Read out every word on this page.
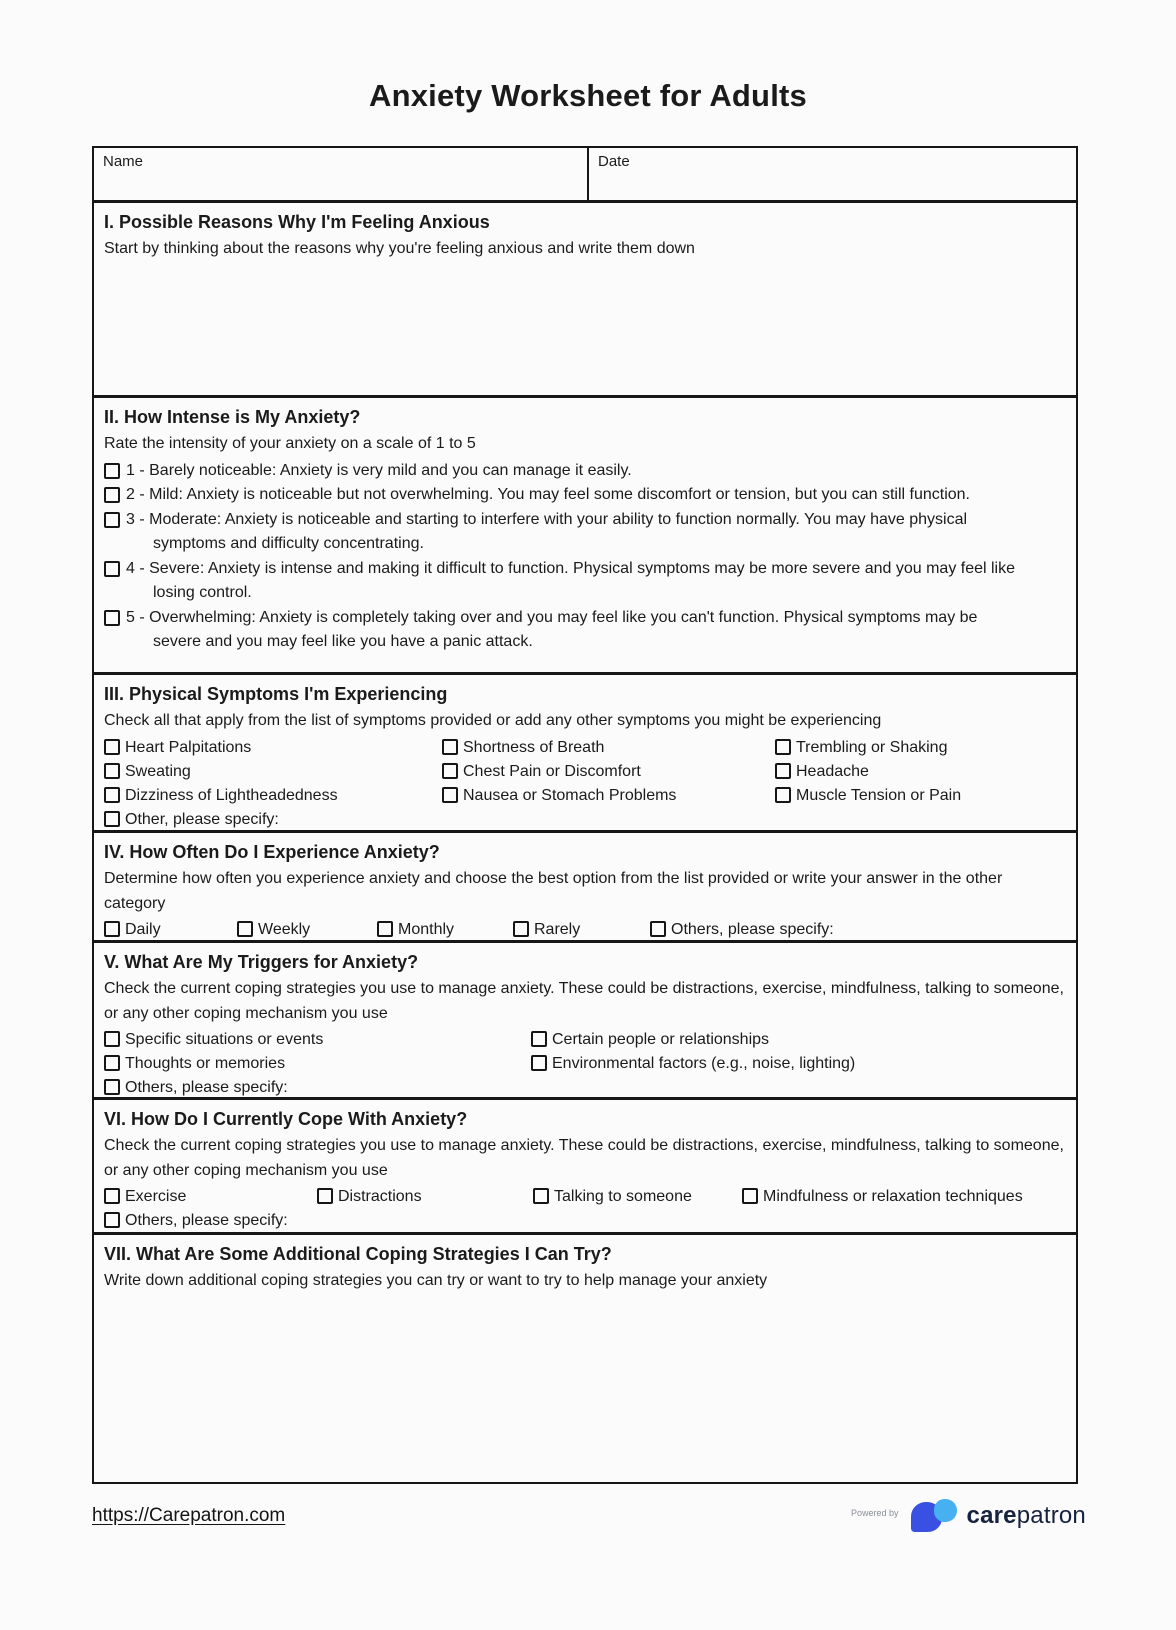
Anxiety Worksheet for Adults
Name	Date
I. Possible Reasons Why I'm Feeling Anxious
Start by thinking about the reasons why you're feeling anxious and write them down
II. How Intense is My Anxiety?
Rate the intensity of your anxiety on a scale of 1 to 5
1 - Barely noticeable: Anxiety is very mild and you can manage it easily.
2 - Mild: Anxiety is noticeable but not overwhelming. You may feel some discomfort or tension, but you can still function.
3 - Moderate: Anxiety is noticeable and starting to interfere with your ability to function normally. You may have physical symptoms and difficulty concentrating.
4 - Severe: Anxiety is intense and making it difficult to function. Physical symptoms may be more severe and you may feel like losing control.
5 - Overwhelming: Anxiety is completely taking over and you may feel like you can't function. Physical symptoms may be severe and you may feel like you have a panic attack.
III. Physical Symptoms I'm Experiencing
Check all that apply from the list of symptoms provided or add any other symptoms you might be experiencing
Heart Palpitations	Shortness of Breath	Trembling or Shaking
Sweating	Chest Pain or Discomfort	Headache
Dizziness of Lightheadedness	Nausea or Stomach Problems	Muscle Tension or Pain
Other, please specify:
IV. How Often Do I Experience Anxiety?
Determine how often you experience anxiety and choose the best option from the list provided or write your answer in the other category
Daily	Weekly	Monthly	Rarely	Others, please specify:
V. What Are My Triggers for Anxiety?
Check the current coping strategies you use to manage anxiety. These could be distractions, exercise, mindfulness, talking to someone, or any other coping mechanism you use
Specific situations or events	Certain people or relationships
Thoughts or memories	Environmental factors (e.g., noise, lighting)
Others, please specify:
VI. How Do I Currently Cope With Anxiety?
Check the current coping strategies you use to manage anxiety. These could be distractions, exercise, mindfulness, talking to someone, or any other coping mechanism you use
Exercise	Distractions	Talking to someone	Mindfulness or relaxation techniques
Others, please specify:
VII. What Are Some Additional Coping Strategies I Can Try?
Write down additional coping strategies you can try or want to try to help manage your anxiety
https://Carepatron.com	Powered by	carepatron
